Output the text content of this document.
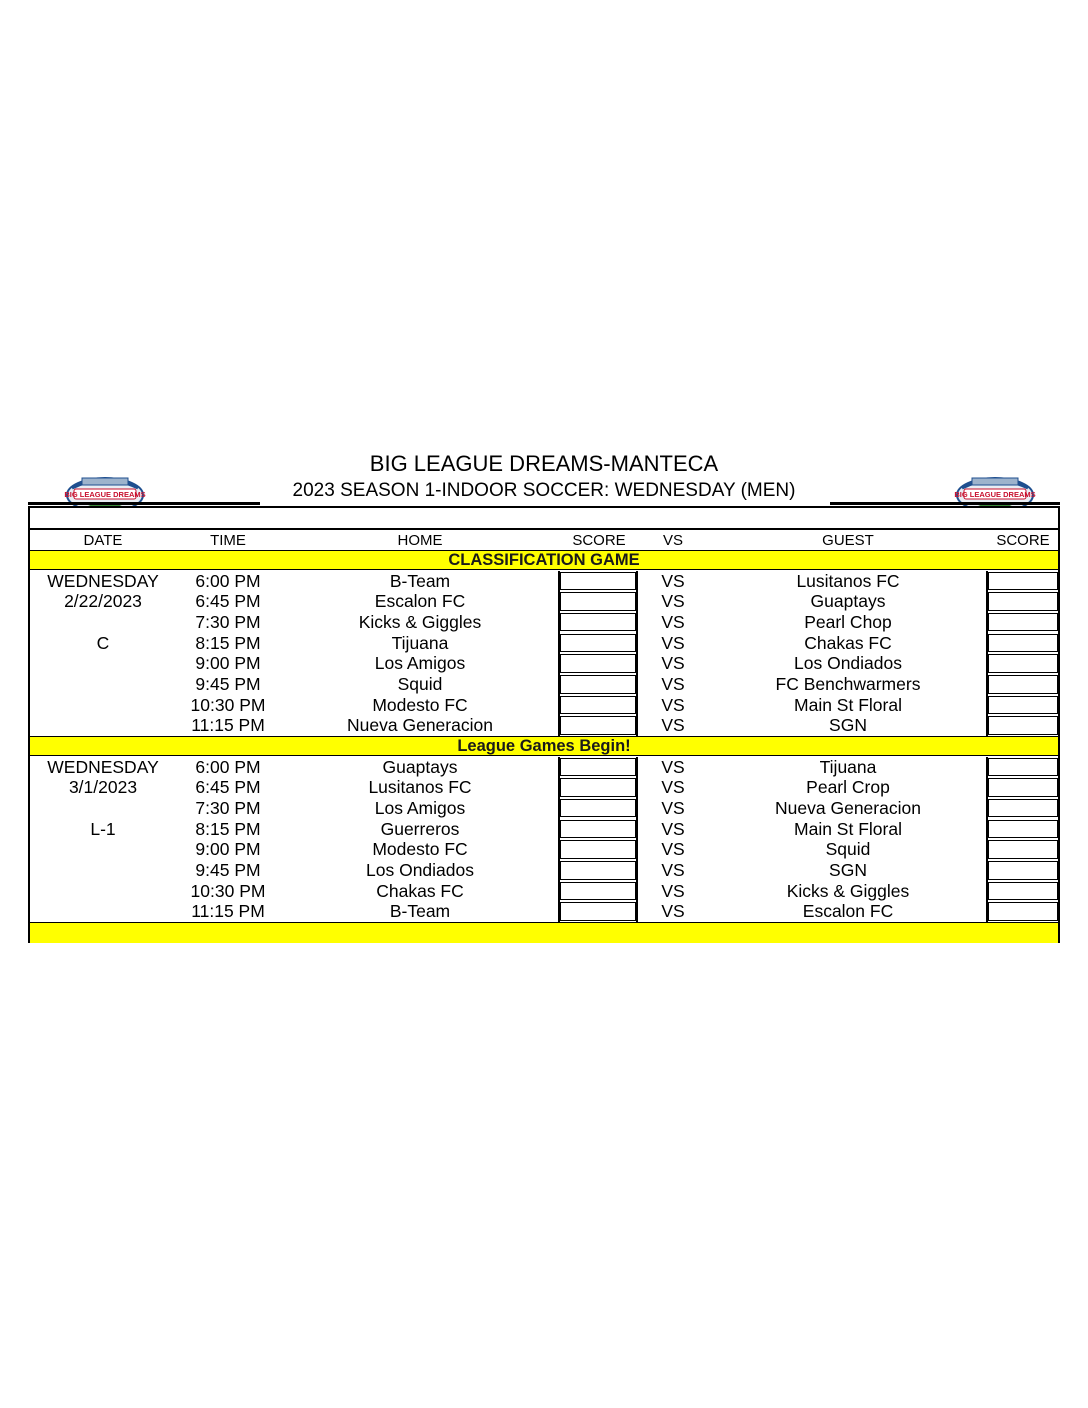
BIG LEAGUE DREAMS-MANTECA
2023 SEASON 1-INDOOR SOCCER: WEDNESDAY (MEN)
BIG LEAGUE DREAMS	BIG LEAGUE DREAMS
DATE	TIME	HOME	SCORE	VS	GUEST	SCORE
CLASSIFICATION GAME
League Games Begin!
WEDNESDAY	6:00 PM	B-Team	VS	Lusitanos FC
2/22/2023	6:45 PM	Escalon FC	VS	Guaptays
7:30 PM	Kicks & Giggles	VS	Pearl Chop
C	8:15 PM	Tijuana	VS	Chakas FC
9:00 PM	Los Amigos	VS	Los Ondiados
9:45 PM	Squid	VS	FC Benchwarmers
10:30 PM	Modesto FC	VS	Main St Floral
11:15 PM	Nueva Generacion	VS	SGN
WEDNESDAY	6:00 PM	Guaptays	VS	Tijuana
3/1/2023	6:45 PM	Lusitanos FC	VS	Pearl Crop
7:30 PM	Los Amigos	VS	Nueva Generacion
L-1	8:15 PM	Guerreros	VS	Main St Floral
9:00 PM	Modesto FC	VS	Squid
9:45 PM	Los Ondiados	VS	SGN
10:30 PM	Chakas FC	VS	Kicks & Giggles
11:15 PM	B-Team	VS	Escalon FC
